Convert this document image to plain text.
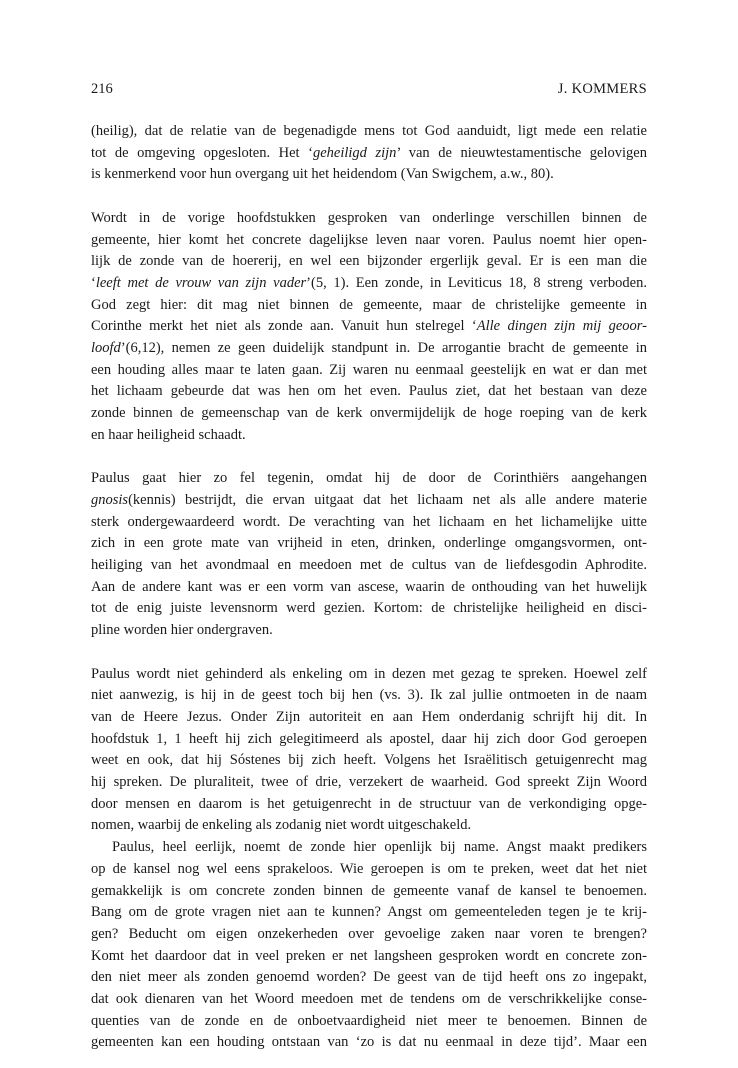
216	J. KOMMERS

(heilig), dat de relatie van de begenadigde mens tot God aanduidt, ligt mede een relatie
tot de omgeving opgesloten. Het ‘geheiligd zijn’ van de nieuwtestamentische gelovigen
is kenmerkend voor hun overgang uit het heidendom (Van Swigchem, a.w., 80).

Wordt in de vorige hoofdstukken gesproken van onderlinge verschillen binnen de
gemeente, hier komt het concrete dagelijkse leven naar voren. Paulus noemt hier open-
lijk de zonde van de hoererij, en wel een bijzonder ergerlijk geval. Er is een man die
‘leeft met de vrouw van zijn vader’(5, 1). Een zonde, in Leviticus 18, 8 streng verboden.
God zegt hier: dit mag niet binnen de gemeente, maar de christelijke gemeente in
Corinthe merkt het niet als zonde aan. Vanuit hun stelregel ‘Alle dingen zijn mij geoor-
loofd’(6,12), nemen ze geen duidelijk standpunt in. De arrogantie bracht de gemeente in
een houding alles maar te laten gaan. Zij waren nu eenmaal geestelijk en wat er dan met
het lichaam gebeurde dat was hen om het even. Paulus ziet, dat het bestaan van deze
zonde binnen de gemeenschap van de kerk onvermijdelijk de hoge roeping van de kerk
en haar heiligheid schaadt.

Paulus gaat hier zo fel tegenin, omdat hij de door de Corinthiërs aangehangen
gnosis(kennis) bestrijdt, die ervan uitgaat dat het lichaam net als alle andere materie
sterk ondergewaardeerd wordt. De verachting van het lichaam en het lichamelijke uitte
zich in een grote mate van vrijheid in eten, drinken, onderlinge omgangsvormen, ont-
heiliging van het avondmaal en meedoen met de cultus van de liefdesgodin Aphrodite.
Aan de andere kant was er een vorm van ascese, waarin de onthouding van het huwelijk
tot de enig juiste levensnorm werd gezien. Kortom: de christelijke heiligheid en disci-
pline worden hier ondergraven.

Paulus wordt niet gehinderd als enkeling om in dezen met gezag te spreken. Hoewel zelf
niet aanwezig, is hij in de geest toch bij hen (vs. 3). Ik zal jullie ontmoeten in de naam
van de Heere Jezus. Onder Zijn autoriteit en aan Hem onderdanig schrijft hij dit. In
hoofdstuk 1, 1 heeft hij zich gelegitimeerd als apostel, daar hij zich door God geroepen
weet en ook, dat hij Sóstenes bij zich heeft. Volgens het Israëlitisch getuigenrecht mag
hij spreken. De pluraliteit, twee of drie, verzekert de waarheid. God spreekt Zijn Woord
door mensen en daarom is het getuigenrecht in de structuur van de verkondiging opge-
nomen, waarbij de enkeling als zodanig niet wordt uitgeschakeld.

Paulus, heel eerlijk, noemt de zonde hier openlijk bij name. Angst maakt predikers
op de kansel nog wel eens sprakeloos. Wie geroepen is om te preken, weet dat het niet
gemakkelijk is om concrete zonden binnen de gemeente vanaf de kansel te benoemen.
Bang om de grote vragen niet aan te kunnen? Angst om gemeenteleden tegen je te krij-
gen? Beducht om eigen onzekerheden over gevoelige zaken naar voren te brengen?
Komt het daardoor dat in veel preken er net langsheen gesproken wordt en concrete zon-
den niet meer als zonden genoemd worden? De geest van de tijd heeft ons zo ingepakt,
dat ook dienaren van het Woord meedoen met de tendens om de verschrikkelijke conse-
quenties van de zonde en de onboetvaardigheid niet meer te benoemen. Binnen de
gemeenten kan een houding ontstaan van ‘zo is dat nu eenmaal in deze tijd’. Maar een
